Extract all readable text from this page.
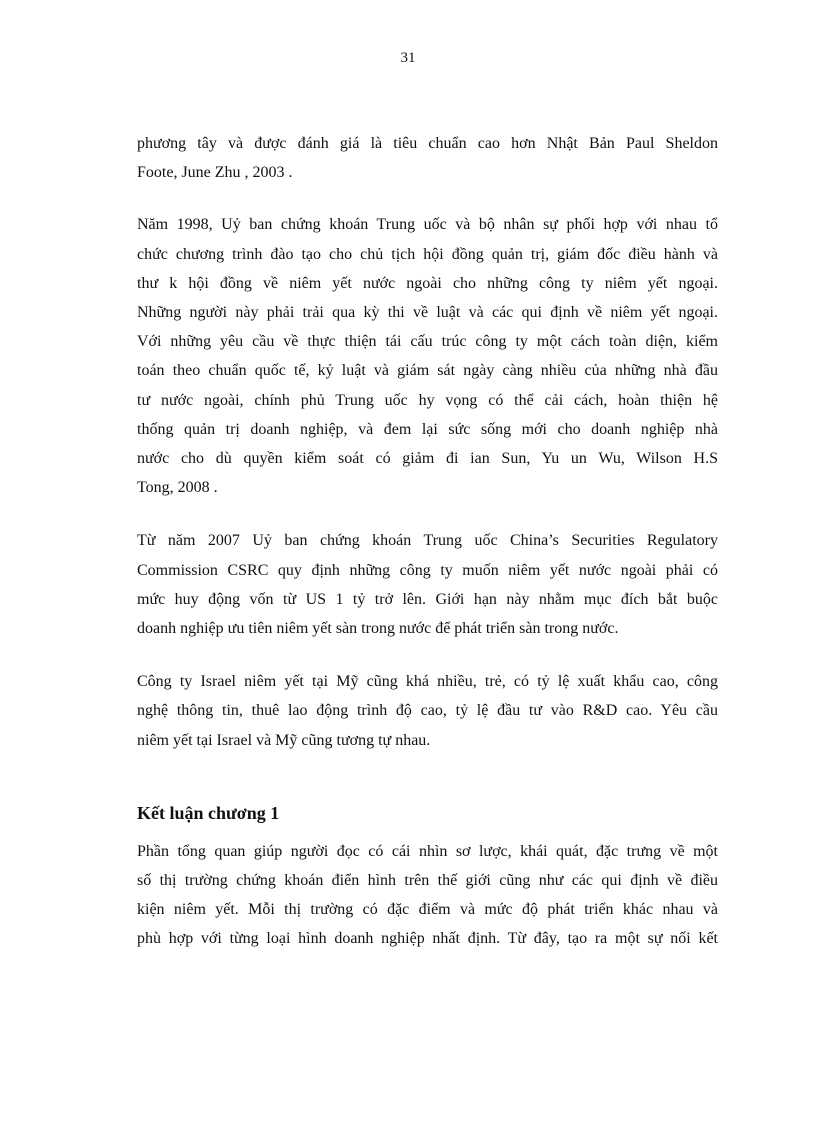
31

phương tây và được đánh giá là tiêu chuẩn cao hơn Nhật Bản Paul Sheldon
Foote, June Zhu , 2003 .

Năm 1998, Uỷ ban chứng khoán Trung uốc và bộ nhân sự phối hợp với nhau tổ
chức chương trình đào tạo cho chủ tịch hội đồng quản trị, giám đốc điều hành và
thư k hội đồng về niêm yết nước ngoài cho những công ty niêm yết ngoại.
Những người này phải trải qua kỳ thi về luật và các qui định về niêm yết ngoại.
Với những yêu cầu về thực thiện tái cấu trúc công ty một cách toàn diện, kiểm
toán theo chuẩn quốc tế, kỷ luật và giám sát ngày càng nhiều của những nhà đầu
tư nước ngoài, chính phủ Trung uốc hy vọng có thể cải cách, hoàn thiện hệ
thống quản trị doanh nghiệp, và đem lại sức sống mới cho doanh nghiệp nhà
nước cho dù quyền kiểm soát có giảm đi ian Sun, Yu un Wu, Wilson H.S
Tong, 2008 .

Từ năm 2007 Uỷ ban chứng khoán Trung uốc China’s Securities Regulatory
Commission CSRC quy định những công ty muốn niêm yết nước ngoài phải có
mức huy động vốn từ US 1 tỷ trở lên. Giới hạn này nhằm mục đích bắt buộc
doanh nghiệp ưu tiên niêm yết sàn trong nước để phát triển sàn trong nước.

Công ty Israel niêm yết tại Mỹ cũng khá nhiều, trẻ, có tỷ lệ xuất khẩu cao, công
nghệ thông tin, thuê lao động trình độ cao, tỷ lệ đầu tư vào R&D cao. Yêu cầu
niêm yết tại Israel và Mỹ cũng tương tự nhau.

Kết luận chương 1

Phần tổng quan giúp người đọc có cái nhìn sơ lược, khái quát, đặc trưng về một
số thị trường chứng khoán điển hình trên thế giới cũng như các qui định về điều
kiện niêm yết. Mỗi thị trường có đặc điểm và mức độ phát triển khác nhau và
phù hợp với từng loại hình doanh nghiệp nhất định. Từ đây, tạo ra một sự nối kết
